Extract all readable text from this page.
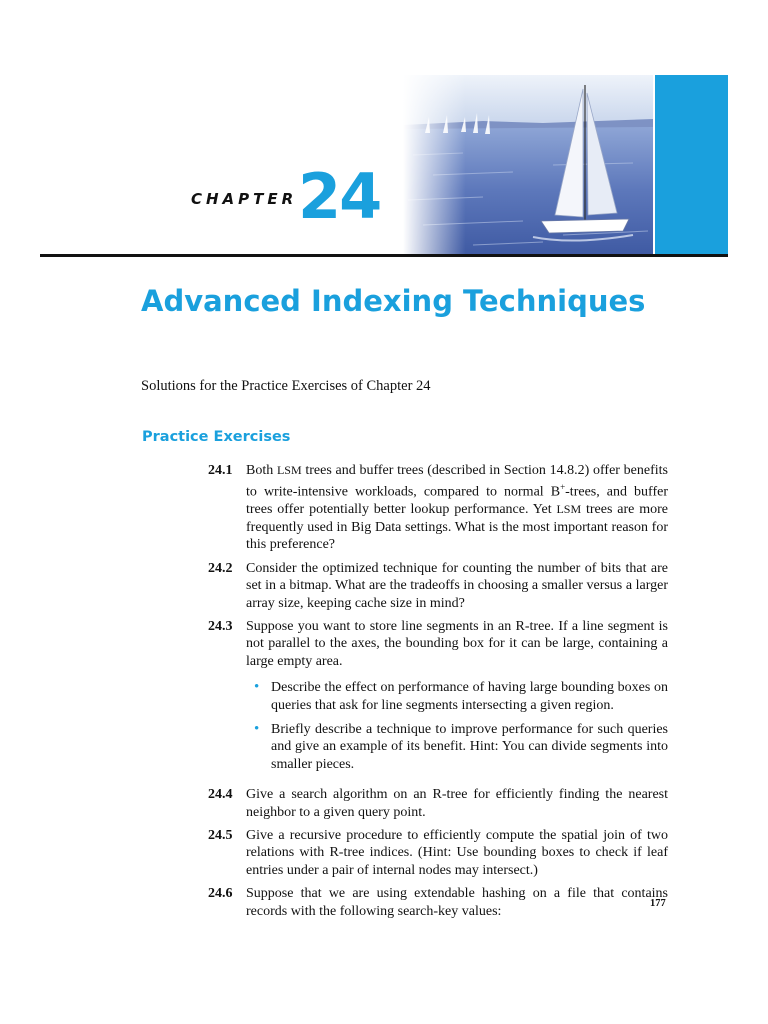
CHAPTER 24
Advanced Indexing Techniques
Solutions for the Practice Exercises of Chapter 24
Practice Exercises
24.1 Both LSM trees and buffer trees (described in Section 14.8.2) offer benefits to write-intensive workloads, compared to normal B+-trees, and buffer trees offer potentially better lookup performance. Yet LSM trees are more frequently used in Big Data settings. What is the most important reason for this preference?
24.2 Consider the optimized technique for counting the number of bits that are set in a bitmap. What are the tradeoffs in choosing a smaller versus a larger array size, keeping cache size in mind?
24.3 Suppose you want to store line segments in an R-tree. If a line segment is not parallel to the axes, the bounding box for it can be large, containing a large empty area.
• Describe the effect on performance of having large bounding boxes on queries that ask for line segments intersecting a given region.
• Briefly describe a technique to improve performance for such queries and give an example of its benefit. Hint: You can divide segments into smaller pieces.
24.4 Give a search algorithm on an R-tree for efficiently finding the nearest neighbor to a given query point.
24.5 Give a recursive procedure to efficiently compute the spatial join of two relations with R-tree indices. (Hint: Use bounding boxes to check if leaf entries under a pair of internal nodes may intersect.)
24.6 Suppose that we are using extendable hashing on a file that contains records with the following search-key values:
177
